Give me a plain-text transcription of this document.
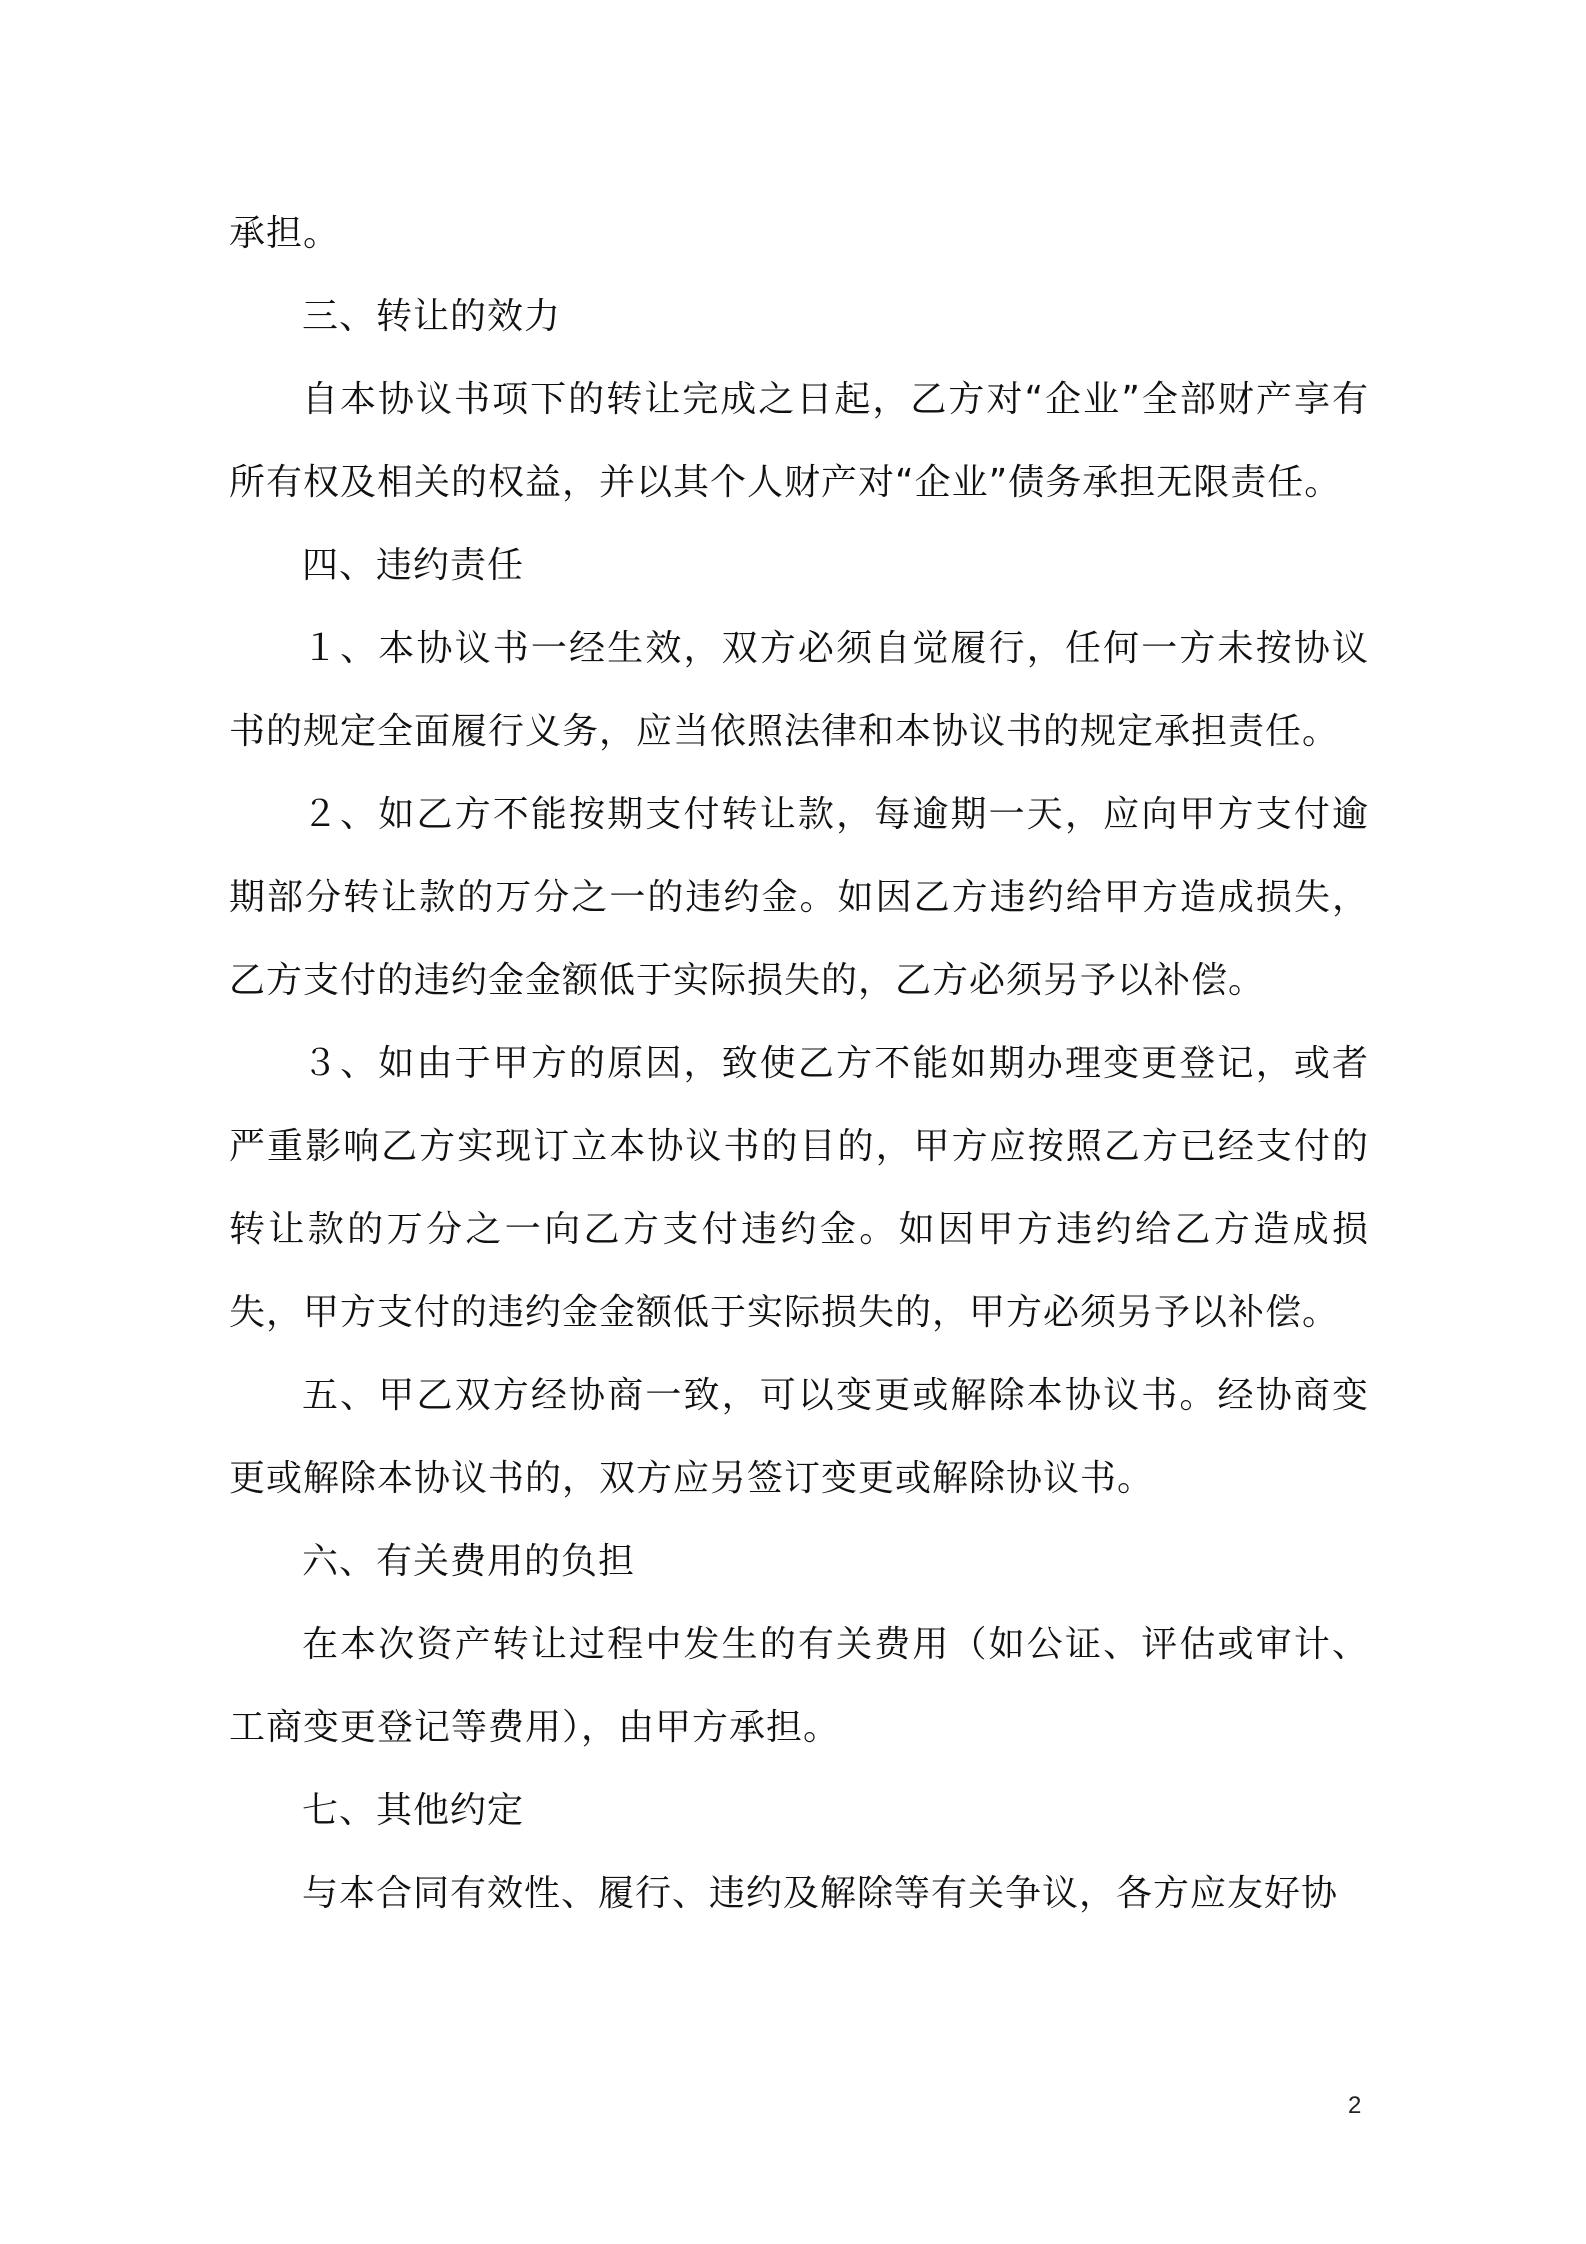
承担。

三、转让的效力

自本协议书项下的转让完成之日起，乙方对“企业”全部财产享有所有权及相关的权益，并以其个人财产对“企业”债务承担无限责任。

四、违约责任

１、本协议书一经生效，双方必须自觉履行，任何一方未按协议书的规定全面履行义务，应当依照法律和本协议书的规定承担责任。

２、如乙方不能按期支付转让款，每逾期一天，应向甲方支付逾期部分转让款的万分之一的违约金。如因乙方违约给甲方造成损失，乙方支付的违约金金额低于实际损失的，乙方必须另予以补偿。

３、如由于甲方的原因，致使乙方不能如期办理变更登记，或者严重影响乙方实现订立本协议书的目的，甲方应按照乙方已经支付的转让款的万分之一向乙方支付违约金。如因甲方违约给乙方造成损失，甲方支付的违约金金额低于实际损失的，甲方必须另予以补偿。

五、甲乙双方经协商一致，可以变更或解除本协议书。经协商变更或解除本协议书的，双方应另签订变更或解除协议书。

六、有关费用的负担

在本次资产转让过程中发生的有关费用（如公证、评估或审计、工商变更登记等费用），由甲方承担。

七、其他约定

与本合同有效性、履行、违约及解除等有关争议，各方应友好协

2
